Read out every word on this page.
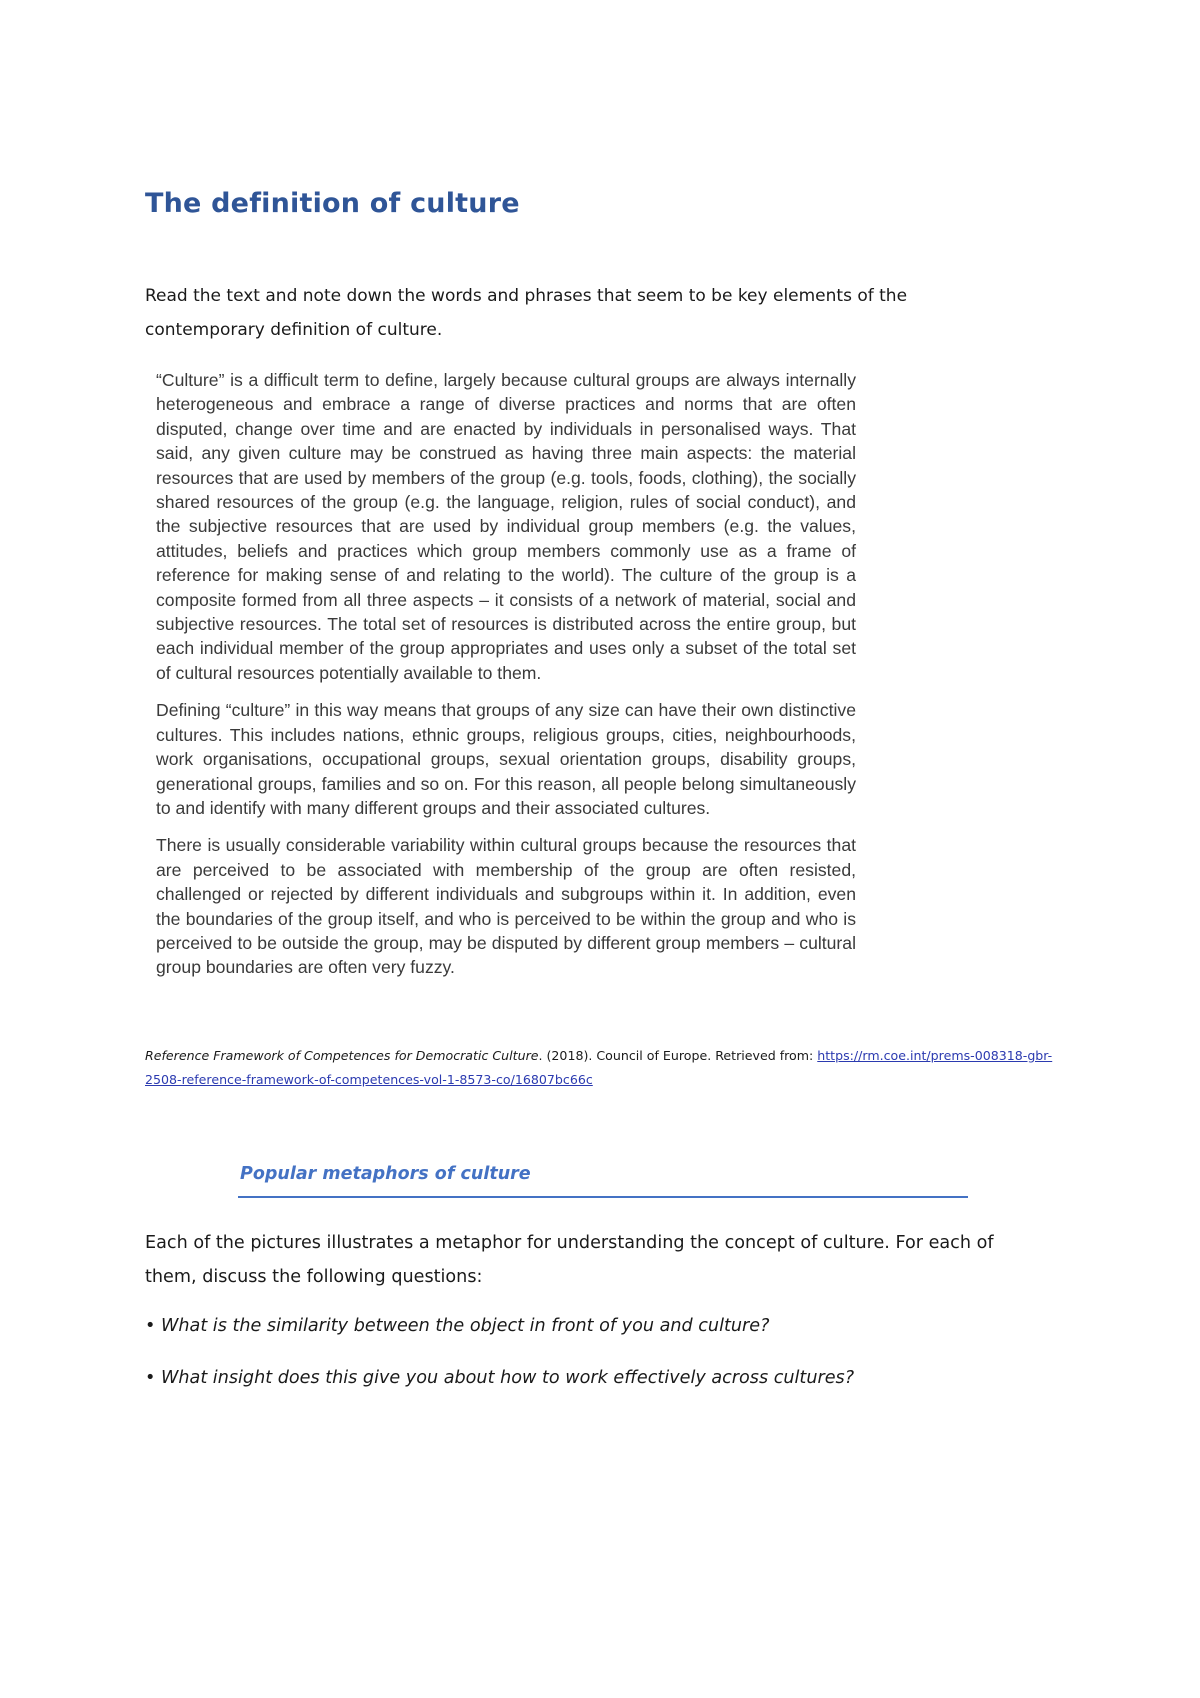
The definition of culture

Read the text and note down the words and phrases that seem to be key elements of the contemporary definition of culture.

“Culture” is a difficult term to define, largely because cultural groups are always internally heterogeneous and embrace a range of diverse practices and norms that are often disputed, change over time and are enacted by individuals in personalised ways. That said, any given culture may be construed as having three main aspects: the material resources that are used by members of the group (e.g. tools, foods, clothing), the socially shared resources of the group (e.g. the language, religion, rules of social conduct), and the subjective resources that are used by individual group members (e.g. the values, attitudes, beliefs and practices which group members commonly use as a frame of reference for making sense of and relating to the world). The culture of the group is a composite formed from all three aspects – it consists of a network of material, social and subjective resources. The total set of resources is distributed across the entire group, but each individual member of the group appropriates and uses only a subset of the total set of cultural resources potentially available to them.

Defining “culture” in this way means that groups of any size can have their own distinctive cultures. This includes nations, ethnic groups, religious groups, cities, neighbourhoods, work organisations, occupational groups, sexual orientation groups, disability groups, generational groups, families and so on. For this reason, all people belong simultaneously to and identify with many different groups and their associated cultures.

There is usually considerable variability within cultural groups because the resources that are perceived to be associated with membership of the group are often resisted, challenged or rejected by different individuals and subgroups within it. In addition, even the boundaries of the group itself, and who is perceived to be within the group and who is perceived to be outside the group, may be disputed by different group members – cultural group boundaries are often very fuzzy.

Reference Framework of Competences for Democratic Culture. (2018). Council of Europe. Retrieved from: https://rm.coe.int/prems-008318-gbr-2508-reference-framework-of-competences-vol-1-8573-co/16807bc66c

Popular metaphors of culture

Each of the pictures illustrates a metaphor for understanding the concept of culture. For each of them, discuss the following questions:

• What is the similarity between the object in front of you and culture?

• What insight does this give you about how to work effectively across cultures?
